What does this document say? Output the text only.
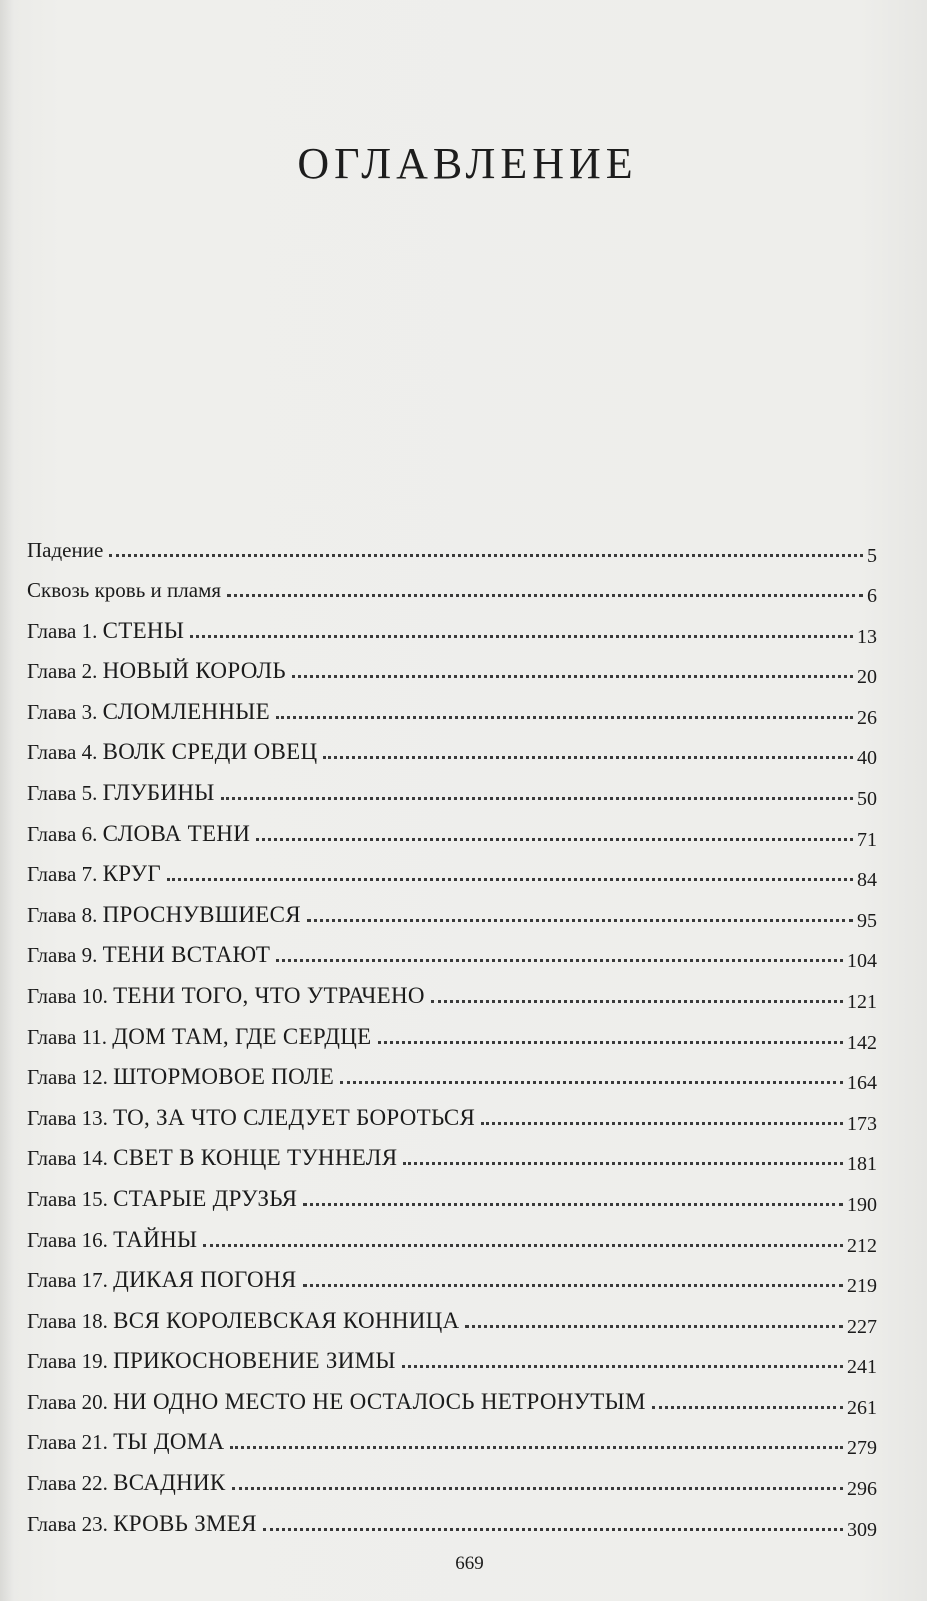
ОГЛАВЛЕНИЕ
Падение	5
Сквозь кровь и пламя	6
Глава 1. СТЕНЫ	13
Глава 2. НОВЫЙ КОРОЛЬ	20
Глава 3. СЛОМЛЕННЫЕ	26
Глава 4. ВОЛК СРЕДИ ОВЕЦ	40
Глава 5. ГЛУБИНЫ	50
Глава 6. СЛОВА ТЕНИ	71
Глава 7. КРУГ	84
Глава 8. ПРОСНУВШИЕСЯ	95
Глава 9. ТЕНИ ВСТАЮТ	104
Глава 10. ТЕНИ ТОГО, ЧТО УТРАЧЕНО	121
Глава 11. ДОМ ТАМ, ГДЕ СЕРДЦЕ	142
Глава 12. ШТОРМОВОЕ ПОЛЕ	164
Глава 13. ТО, ЗА ЧТО СЛЕДУЕТ БОРОТЬСЯ	173
Глава 14. СВЕТ В КОНЦЕ ТУННЕЛЯ	181
Глава 15. СТАРЫЕ ДРУЗЬЯ	190
Глава 16. ТАЙНЫ	212
Глава 17. ДИКАЯ ПОГОНЯ	219
Глава 18. ВСЯ КОРОЛЕВСКАЯ КОННИЦА	227
Глава 19. ПРИКОСНОВЕНИЕ ЗИМЫ	241
Глава 20. НИ ОДНО МЕСТО НЕ ОСТАЛОСЬ НЕТРОНУТЫМ	261
Глава 21. ТЫ ДОМА	279
Глава 22. ВСАДНИК	296
Глава 23. КРОВЬ ЗМЕЯ	309
669
